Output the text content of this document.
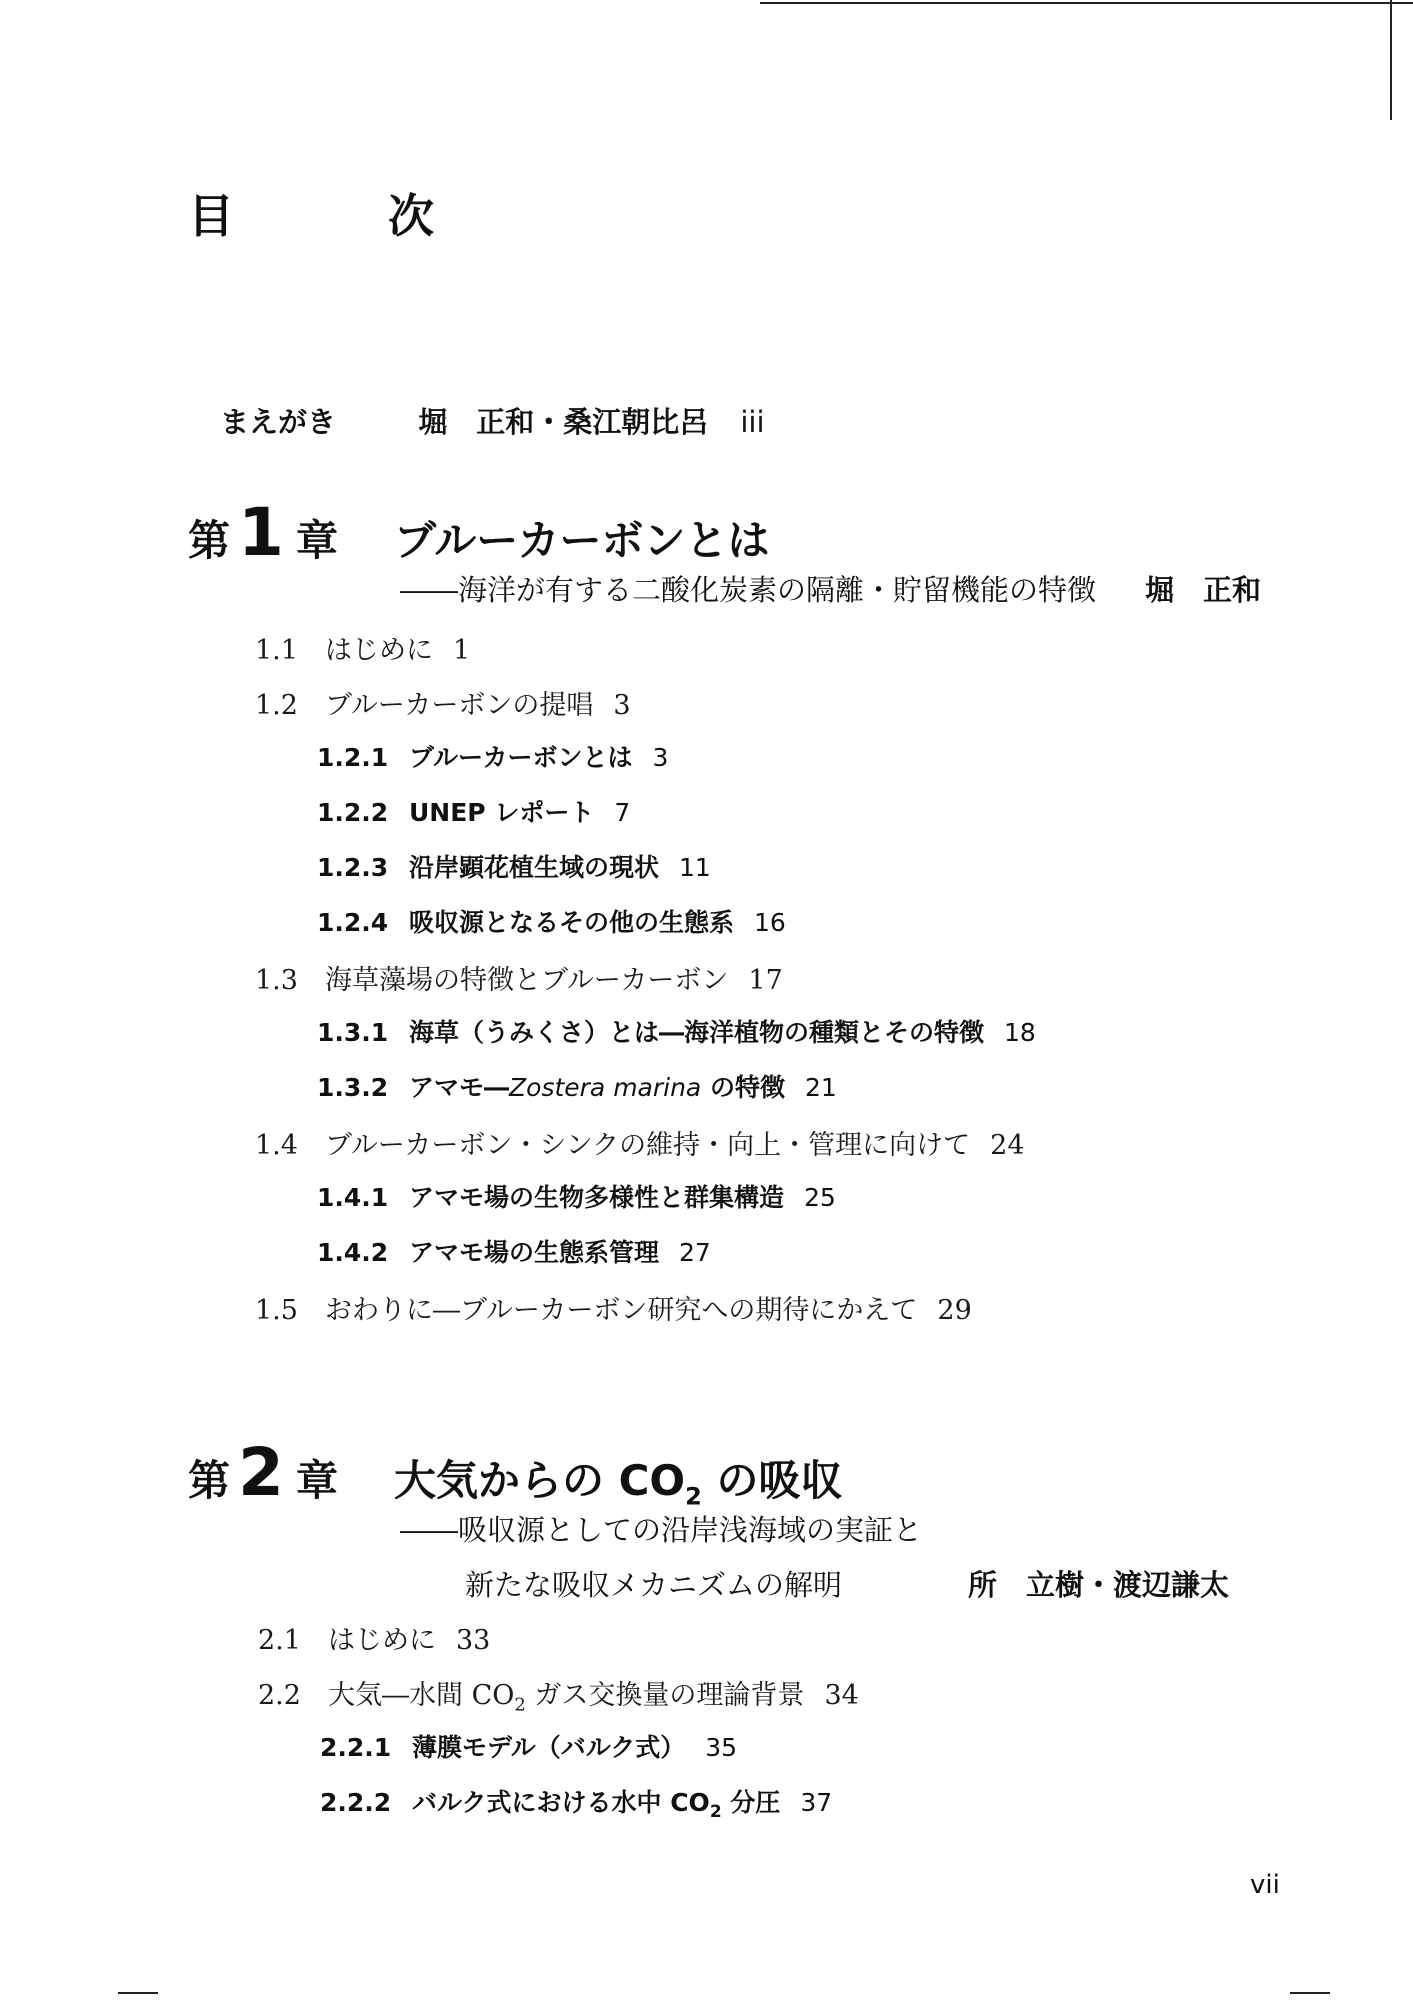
目　次
まえがき	堀　正和・桑江朝比呂 iii
第 1 章 ブルーカーボンとは
――海洋が有する二酸化炭素の隔離・貯留機能の特徴 堀　正和
1.1 はじめに 1
1.2 ブルーカーボンの提唱 3
1.2.1 ブルーカーボンとは 3
1.2.2 UNEP レポート 7
1.2.3 沿岸顕花植生域の現状 11
1.2.4 吸収源となるその他の生態系 16
1.3 海草藻場の特徴とブルーカーボン 17
1.3.1 海草（うみくさ）とは―海洋植物の種類とその特徴 18
1.3.2 アマモ―Zostera marina の特徴 21
1.4 ブルーカーボン・シンクの維持・向上・管理に向けて 24
1.4.1 アマモ場の生物多様性と群集構造 25
1.4.2 アマモ場の生態系管理 27
1.5 おわりに―ブルーカーボン研究への期待にかえて 29
第 2 章 大気からの $CO_2$ の吸収
――吸収源としての沿岸浅海域の実証と
新たな吸収メカニズムの解明	所　立樹・渡辺謙太
2.1 はじめに 33
2.2 大気―水間 $CO_2$ ガス交換量の理論背景 34
2.2.1 薄膜モデル（バルク式） 35
2.2.2 バルク式における水中 $CO_2$ 分圧 37
vii
